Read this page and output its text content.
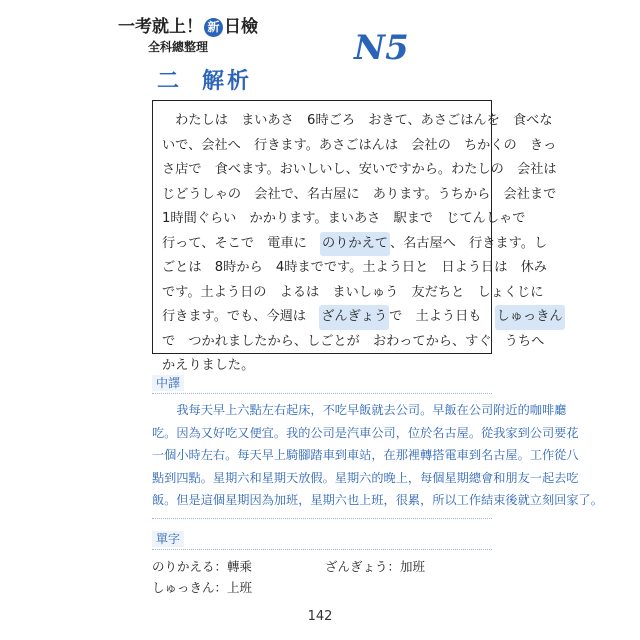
一考就上！ 新 日檢
全科總整理	N5
二 解析
　わたしは　まいあさ　6時ごろ　おきて、あさごはんを　食べな
いで、会社へ　行きます。あさごはんは　会社の　ちかくの　きっ
さ店で　食べます。おいしいし、安いですから。わたしの　会社は
じどうしゃの　会社で、名古屋に　あります。うちから　会社まで
1時間ぐらい　かかります。まいあさ　駅まで　じてんしゃで
行って、そこで　電車に　 のりかえて 、名古屋へ　行きます。し
ごとは　8時から　4時までです。土よう日と　日よう日は　休み
です。土よう日の　よるは　まいしゅう　友だちと　しょくじに
行きます。でも、今週は　 ざんぎょう で　土よう日も　 しゅっきん
で　つかれましたから、しごとが　おわってから、すぐ　うちへ
かえりました。
中譯
　　我每天早上六點左右起床，不吃早飯就去公司。早飯在公司附近的咖啡廳
吃。因為又好吃又便宜。我的公司是汽車公司，位於名古屋。從我家到公司要花
一個小時左右。每天早上騎腳踏車到車站，在那裡轉搭電車到名古屋。工作從八
點到四點。星期六和星期天放假。星期六的晚上，每個星期總會和朋友一起去吃
飯。但是這個星期因為加班，星期六也上班，很累，所以工作結束後就立刻回家了。
單字
のりかえる：轉乘	ざんぎょう：加班
しゅっきん：上班
142
